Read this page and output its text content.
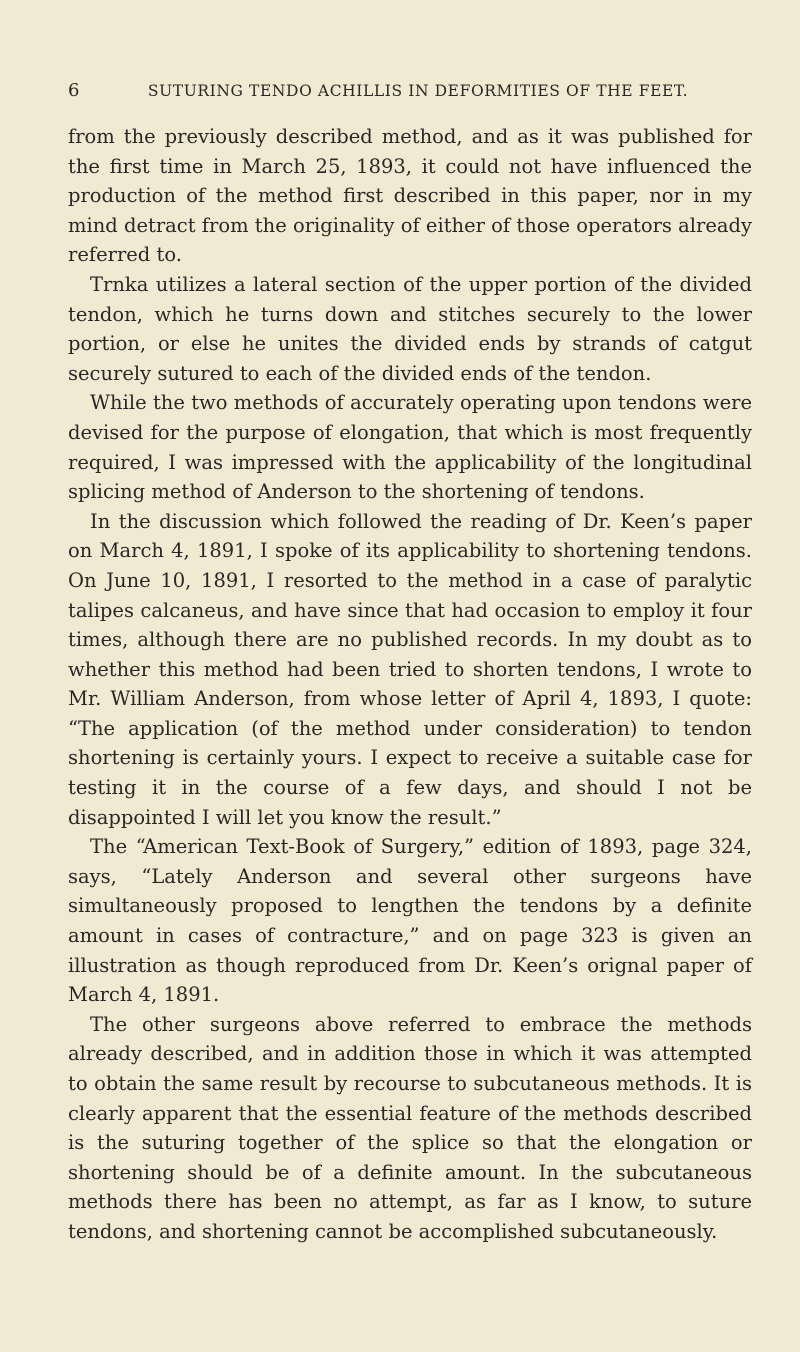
6	SUTURING TENDO ACHILLIS IN DEFORMITIES OF THE FEET.

from the previously described method, and as it was published for the first time in March 25, 1893, it could not have influenced the production of the method first described in this paper, nor in my mind detract from the originality of either of those operators already referred to.

Trnka utilizes a lateral section of the upper portion of the divided tendon, which he turns down and stitches securely to the lower portion, or else he unites the divided ends by strands of catgut securely sutured to each of the divided ends of the tendon.

While the two methods of accurately operating upon tendons were devised for the purpose of elongation, that which is most frequently required, I was impressed with the applicability of the longitudinal splicing method of Anderson to the shortening of tendons.

In the discussion which followed the reading of Dr. Keen’s paper on March 4, 1891, I spoke of its applicability to shortening tendons. On June 10, 1891, I resorted to the method in a case of paralytic talipes calcaneus, and have since that had occasion to employ it four times, although there are no published records. In my doubt as to whether this method had been tried to shorten tendons, I wrote to Mr. William Anderson, from whose letter of April 4, 1893, I quote: “The application (of the method under consideration) to tendon shortening is certainly yours. I expect to receive a suitable case for testing it in the course of a few days, and should I not be disappointed I will let you know the result.”

The “American Text-Book of Surgery,” edition of 1893, page 324, says, “Lately Anderson and several other surgeons have simultaneously proposed to lengthen the tendons by a definite amount in cases of contracture,” and on page 323 is given an illustration as though reproduced from Dr. Keen’s orignal paper of March 4, 1891.

The other surgeons above referred to embrace the methods already described, and in addition those in which it was attempted to obtain the same result by recourse to subcutaneous methods. It is clearly apparent that the essential feature of the methods described is the suturing together of the splice so that the elongation or shortening should be of a definite amount. In the subcutaneous methods there has been no attempt, as far as I know, to suture tendons, and shortening cannot be accomplished subcutaneously.
